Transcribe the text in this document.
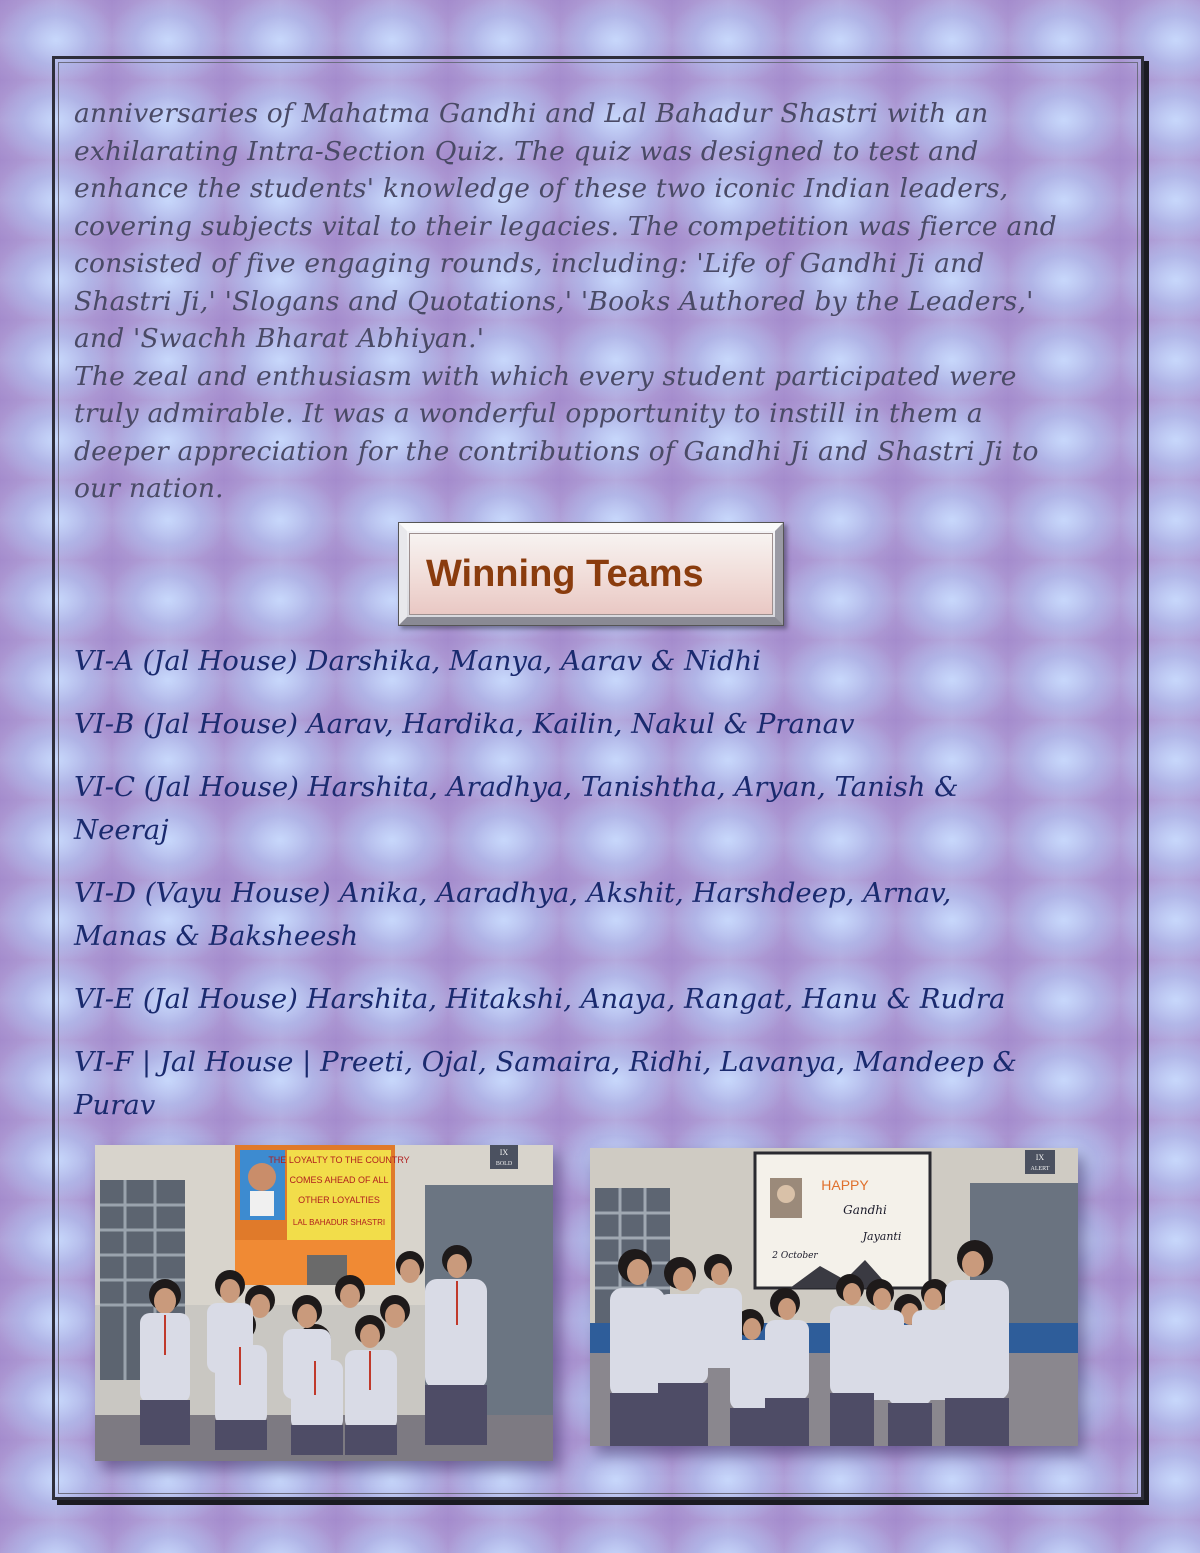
anniversaries of Mahatma Gandhi and Lal Bahadur Shastri with an
exhilarating Intra-Section Quiz. The quiz was designed to test and
enhance the students' knowledge of these two iconic Indian leaders,
covering subjects vital to their legacies. The competition was fierce and
consisted of five engaging rounds, including: 'Life of Gandhi Ji and
Shastri Ji,' 'Slogans and Quotations,' 'Books Authored by the Leaders,'
and 'Swachh Bharat Abhiyan.'
The zeal and enthusiasm with which every student participated were
truly admirable. It was a wonderful opportunity to instill in them a
deeper appreciation for the contributions of Gandhi Ji and Shastri Ji to
our nation.
Winning Teams
VI-A (Jal House) Darshika, Manya, Aarav & Nidhi
VI-B (Jal House) Aarav, Hardika, Kailin, Nakul & Pranav
VI-C (Jal House) Harshita, Aradhya, Tanishtha, Aryan, Tanish &
Neeraj
VI-D (Vayu House) Anika, Aaradhya, Akshit, Harshdeep, Arnav,
Manas & Baksheesh
VI-E (Jal House) Harshita, Hitakshi, Anaya, Rangat, Hanu & Rudra
VI-F | Jal House | Preeti, Ojal, Samaira, Ridhi, Lavanya, Mandeep &
Purav
THE LOYALTY TO THE COUNTRY
COMES AHEAD OF ALL
OTHER LOYALTIES
LAL BAHADUR SHASTRI
IX
BOLD
HAPPY
Gandhi
Jayanti
2 October
IX
ALERT
